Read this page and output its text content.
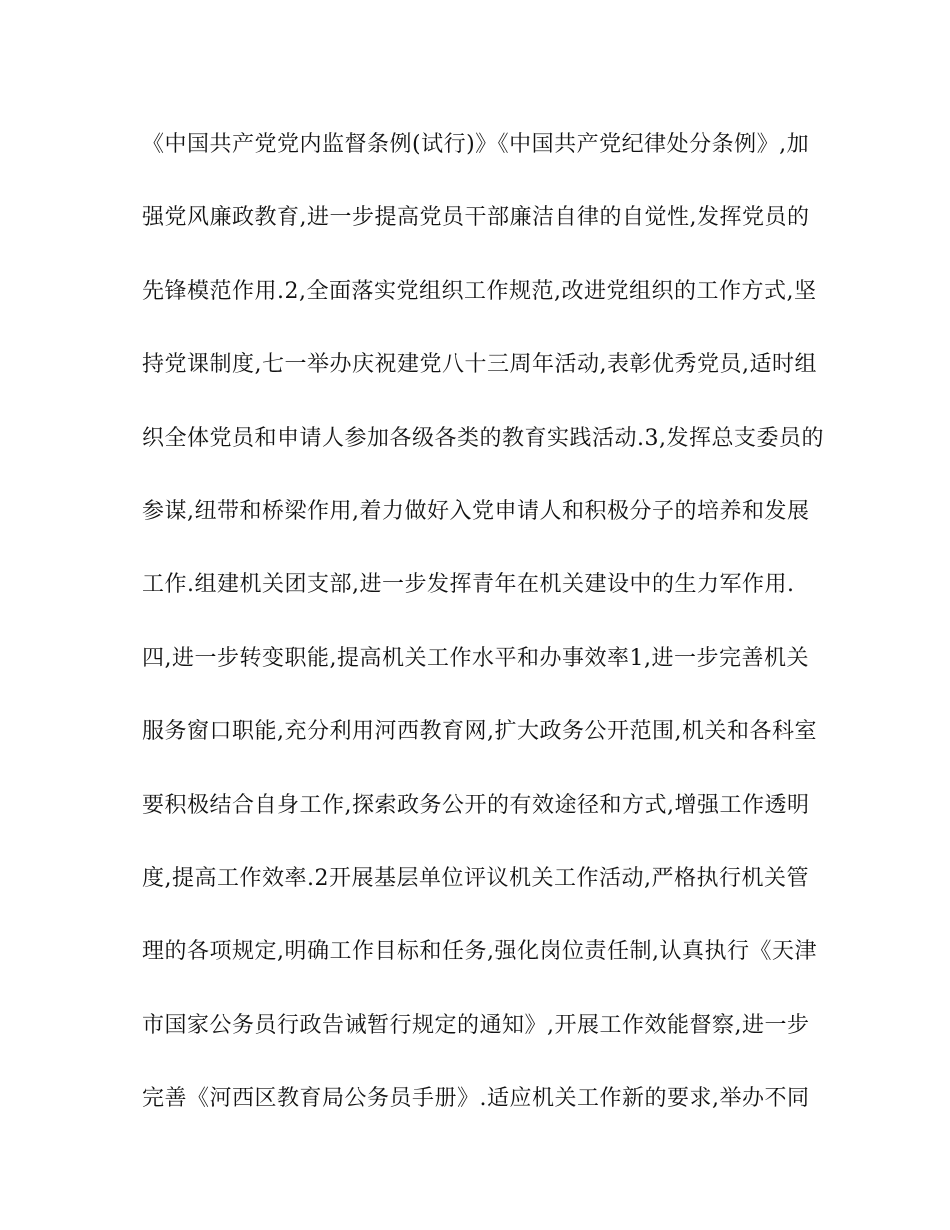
《中国共产党党内监督条例(试行)》《中国共产党纪律处分条例》,加
强党风廉政教育,进一步提高党员干部廉洁自律的自觉性,发挥党员的
先锋模范作用.2,全面落实党组织工作规范,改进党组织的工作方式,坚
持党课制度,七一举办庆祝建党八十三周年活动,表彰优秀党员,适时组
织全体党员和申请人参加各级各类的教育实践活动.3,发挥总支委员的
参谋,纽带和桥梁作用,着力做好入党申请人和积极分子的培养和发展
工作.组建机关团支部,进一步发挥青年在机关建设中的生力军作用.
四,进一步转变职能,提高机关工作水平和办事效率1,进一步完善机关
服务窗口职能,充分利用河西教育网,扩大政务公开范围,机关和各科室
要积极结合自身工作,探索政务公开的有效途径和方式,增强工作透明
度,提高工作效率.2开展基层单位评议机关工作活动,严格执行机关管
理的各项规定,明确工作目标和任务,强化岗位责任制,认真执行《天津
市国家公务员行政告诫暂行规定的通知》,开展工作效能督察,进一步
完善《河西区教育局公务员手册》.适应机关工作新的要求,举办不同
